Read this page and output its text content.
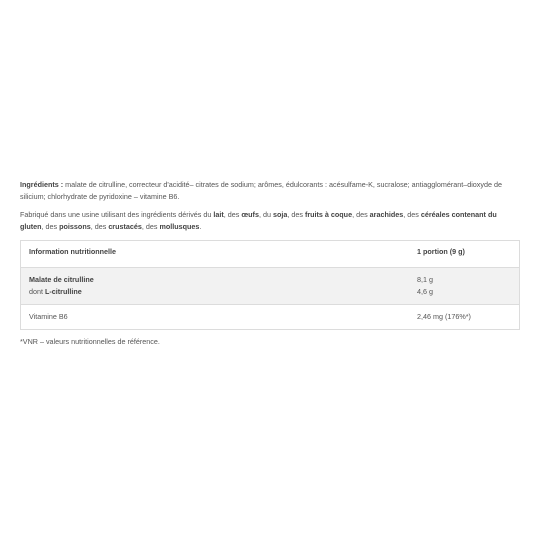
Ingrédients : malate de citrulline, correcteur d'acidité– citrates de sodium; arômes, édulcorants : acésulfame-K, sucralose; antiagglomérant–dioxyde de silicium; chlorhydrate de pyridoxine – vitamine B6.

Fabriqué dans une usine utilisant des ingrédients dérivés du lait, des œufs, du soja, des fruits à coque, des arachides, des céréales contenant du gluten, des poissons, des crustacés, des mollusques.

Information nutritionnelle	1 portion (9 g)
Malate de citrulline
dont L-citrulline
8,1 g
4,6 g
Vitamine B6	2,46 mg (176%*)

*VNR – valeurs nutritionnelles de référence.
